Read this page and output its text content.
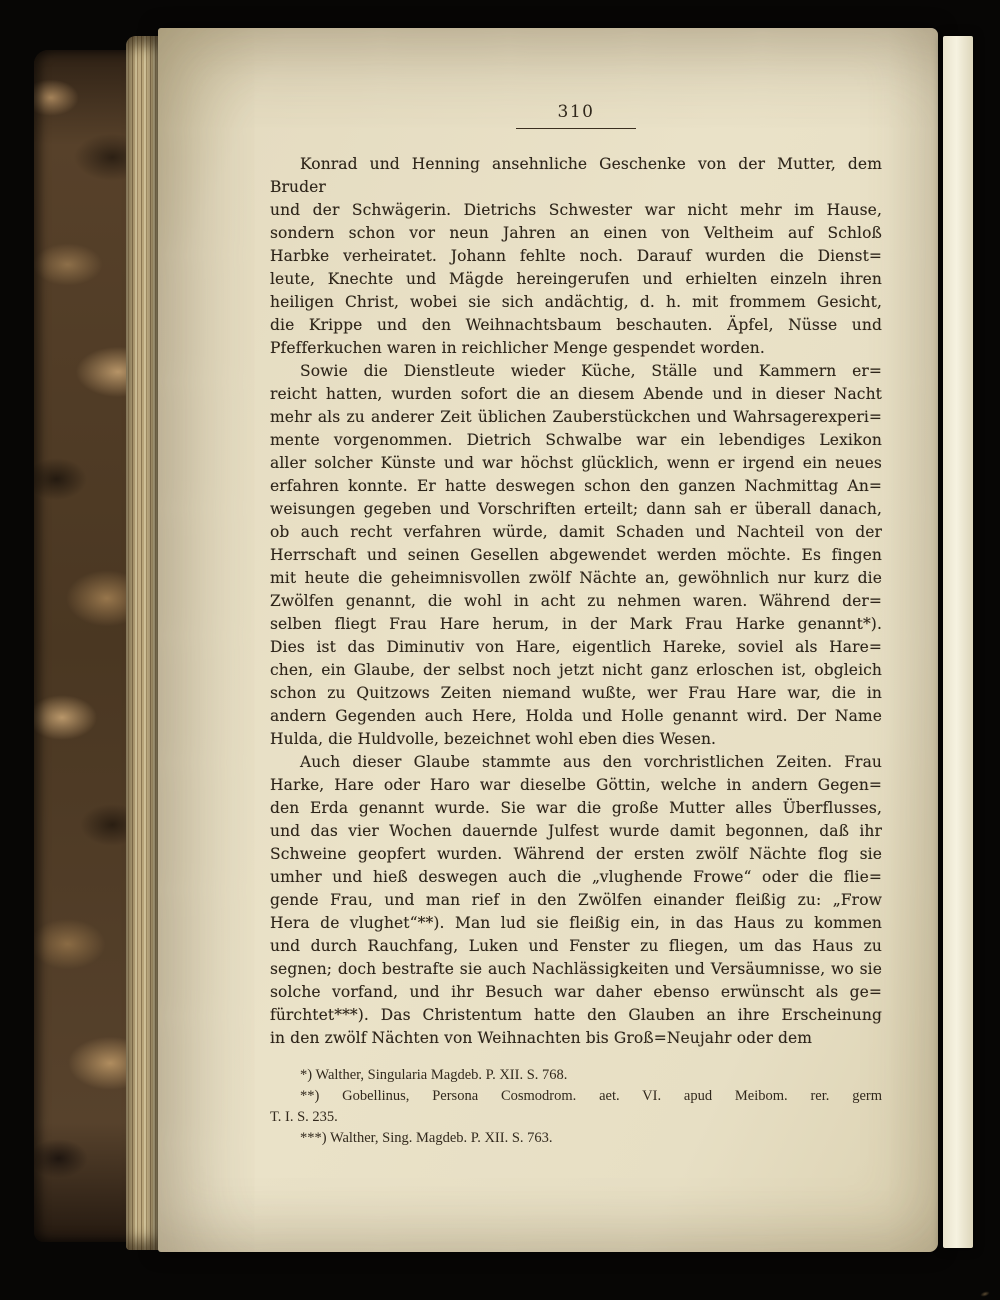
310
Konrad und Henning ansehnliche Geschenke von der Mutter, dem Bruder
und der Schwägerin. Dietrichs Schwester war nicht mehr im Hause,
sondern schon vor neun Jahren an einen von Veltheim auf Schloß
Harbke verheiratet. Johann fehlte noch. Darauf wurden die Dienst=
leute, Knechte und Mägde hereingerufen und erhielten einzeln ihren
heiligen Christ, wobei sie sich andächtig, d. h. mit frommem Gesicht,
die Krippe und den Weihnachtsbaum beschauten. Äpfel, Nüsse und
Pfefferkuchen waren in reichlicher Menge gespendet worden.
Sowie die Dienstleute wieder Küche, Ställe und Kammern er=
reicht hatten, wurden sofort die an diesem Abende und in dieser Nacht
mehr als zu anderer Zeit üblichen Zauberstückchen und Wahrsagerexperi=
mente vorgenommen. Dietrich Schwalbe war ein lebendiges Lexikon
aller solcher Künste und war höchst glücklich, wenn er irgend ein neues
erfahren konnte. Er hatte deswegen schon den ganzen Nachmittag An=
weisungen gegeben und Vorschriften erteilt; dann sah er überall danach,
ob auch recht verfahren würde, damit Schaden und Nachteil von der
Herrschaft und seinen Gesellen abgewendet werden möchte. Es fingen
mit heute die geheimnisvollen zwölf Nächte an, gewöhnlich nur kurz die
Zwölfen genannt, die wohl in acht zu nehmen waren. Während der=
selben fliegt Frau Hare herum, in der Mark Frau Harke genannt*).
Dies ist das Diminutiv von Hare, eigentlich Hareke, soviel als Hare=
chen, ein Glaube, der selbst noch jetzt nicht ganz erloschen ist, obgleich
schon zu Quitzows Zeiten niemand wußte, wer Frau Hare war, die in
andern Gegenden auch Here, Holda und Holle genannt wird. Der Name
Hulda, die Huldvolle, bezeichnet wohl eben dies Wesen.
Auch dieser Glaube stammte aus den vorchristlichen Zeiten. Frau
Harke, Hare oder Haro war dieselbe Göttin, welche in andern Gegen=
den Erda genannt wurde. Sie war die große Mutter alles Überflusses,
und das vier Wochen dauernde Julfest wurde damit begonnen, daß ihr
Schweine geopfert wurden. Während der ersten zwölf Nächte flog sie
umher und hieß deswegen auch die „vlughende Frowe“ oder die flie=
gende Frau, und man rief in den Zwölfen einander fleißig zu: „Frow
Hera de vlughet“**). Man lud sie fleißig ein, in das Haus zu kommen
und durch Rauchfang, Luken und Fenster zu fliegen, um das Haus zu
segnen; doch bestrafte sie auch Nachlässigkeiten und Versäumnisse, wo sie
solche vorfand, und ihr Besuch war daher ebenso erwünscht als ge=
fürchtet***). Das Christentum hatte den Glauben an ihre Erscheinung
in den zwölf Nächten von Weihnachten bis Groß=Neujahr oder dem
*) Walther, Singularia Magdeb. P. XII. S. 768.
**) Gobellinus, Persona Cosmodrom. aet. VI. apud Meibom. rer. germ
T. I. S. 235.
***) Walther, Sing. Magdeb. P. XII. S. 763.
